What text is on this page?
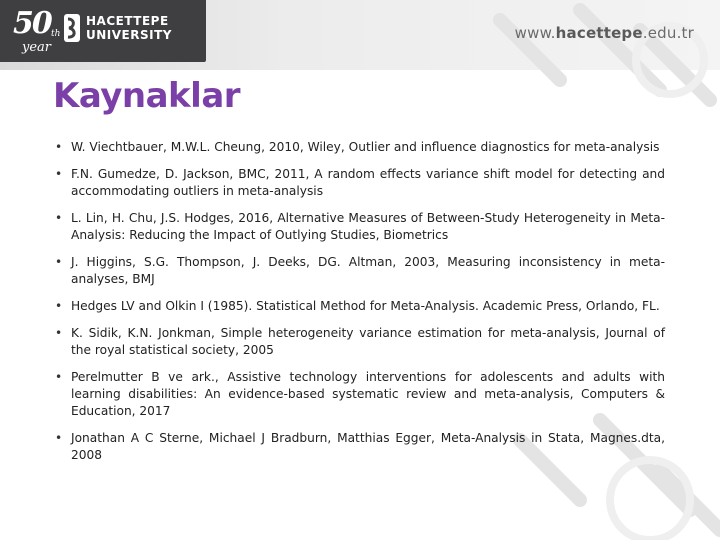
50 th
year
HACETTEPE
UNIVERSITY	www.hacettepe.edu.tr
Kaynaklar
• W. Viechtbauer, M.W.L. Cheung, 2010, Wiley, Outlier and influence diagnostics for meta-analysis
• F.N. Gumedze, D. Jackson, BMC, 2011, A random effects variance shift model for detecting and accommodating outliers in meta-analysis
• L. Lin, H. Chu, J.S. Hodges, 2016, Alternative Measures of Between-Study Heterogeneity in Meta-Analysis: Reducing the Impact of Outlying Studies, Biometrics
• J. Higgins, S.G. Thompson, J. Deeks, DG. Altman, 2003, Measuring inconsistency in meta-analyses, BMJ
• Hedges LV and Olkin I (1985). Statistical Method for Meta-Analysis. Academic Press, Orlando, FL.
• K. Sidik, K.N. Jonkman, Simple heterogeneity variance estimation for meta-analysis, Journal of the royal statistical society, 2005
• Perelmutter B ve ark., Assistive technology interventions for adolescents and adults with learning disabilities: An evidence-based systematic review and meta-analysis, Computers & Education, 2017
• Jonathan A C Sterne, Michael J Bradburn, Matthias Egger, Meta-Analysis in Stata, Magnes.dta, 2008
